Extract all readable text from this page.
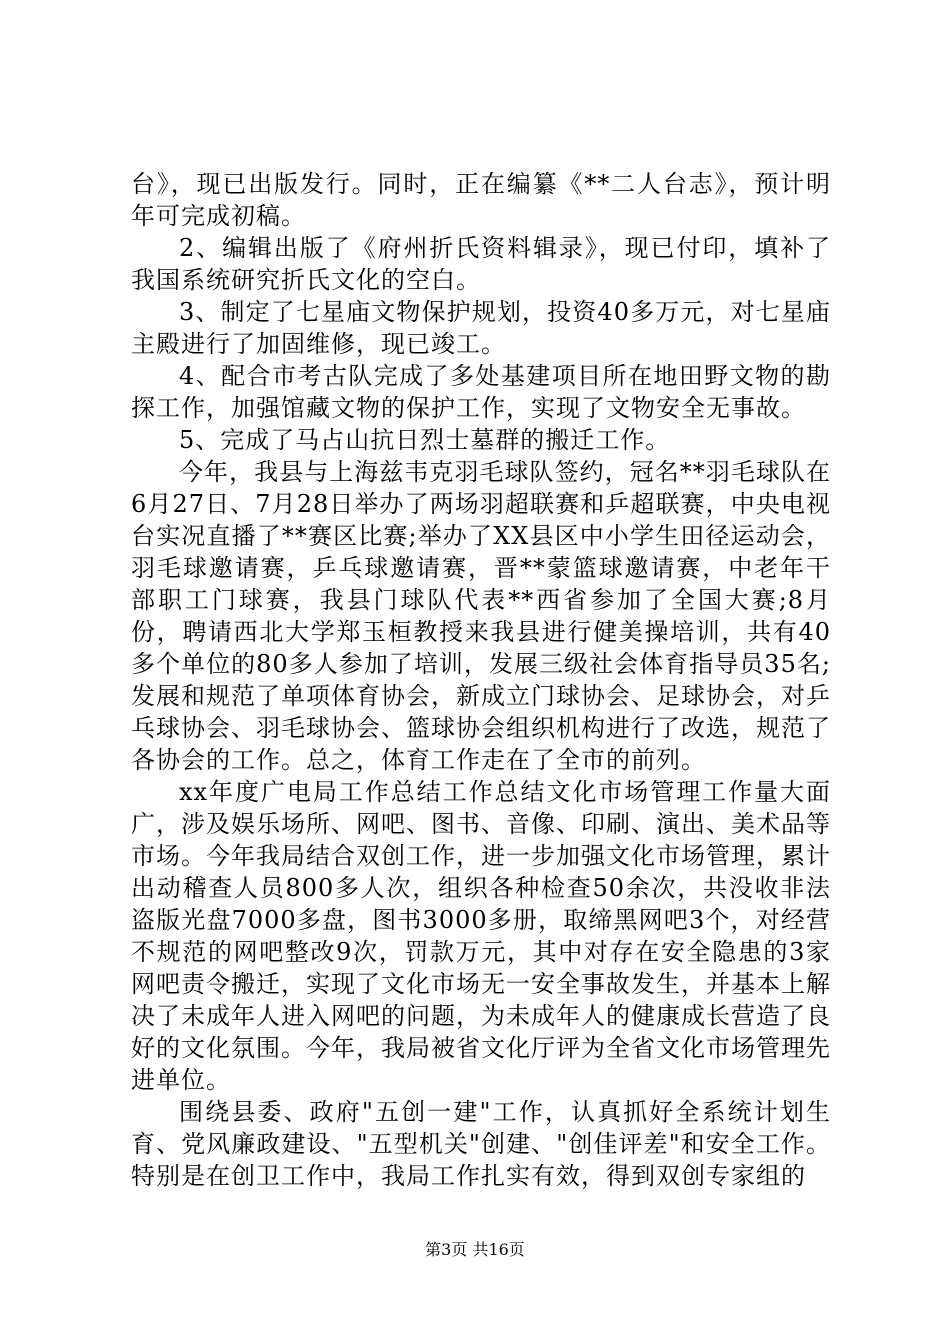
台》，现已出版发行。同时，正在编纂《**二人台志》，预计明年可完成初稿。

2、编辑出版了《府州折氏资料辑录》，现已付印，填补了我国系统研究折氏文化的空白。

3、制定了七星庙文物保护规划，投资40多万元，对七星庙主殿进行了加固维修，现已竣工。

4、配合市考古队完成了多处基建项目所在地田野文物的勘探工作，加强馆藏文物的保护工作，实现了文物安全无事故。

5、完成了马占山抗日烈士墓群的搬迁工作。

今年，我县与上海兹韦克羽毛球队签约，冠名**羽毛球队在6月27日、7月28日举办了两场羽超联赛和乒超联赛，中央电视台实况直播了**赛区比赛;举办了XX县区中小学生田径运动会，羽毛球邀请赛，乒乓球邀请赛，晋**蒙篮球邀请赛，中老年干部职工门球赛，我县门球队代表**西省参加了全国大赛;8月份，聘请西北大学郑玉桓教授来我县进行健美操培训，共有40多个单位的80多人参加了培训，发展三级社会体育指导员35名;发展和规范了单项体育协会，新成立门球协会、足球协会，对乒乓球协会、羽毛球协会、篮球协会组织机构进行了改选，规范了各协会的工作。总之，体育工作走在了全市的前列。

xx年度广电局工作总结工作总结文化市场管理工作量大面广，涉及娱乐场所、网吧、图书、音像、印刷、演出、美术品等市场。今年我局结合双创工作，进一步加强文化市场管理，累计出动稽查人员800多人次，组织各种检查50余次，共没收非法盗版光盘7000多盘，图书3000多册，取缔黑网吧3个，对经营不规范的网吧整改9次，罚款万元，其中对存在安全隐患的3家网吧责令搬迁，实现了文化市场无一安全事故发生，并基本上解决了未成年人进入网吧的问题，为未成年人的健康成长营造了良好的文化氛围。今年，我局被省文化厅评为全省文化市场管理先进单位。

围绕县委、政府"五创一建"工作，认真抓好全系统计划生育、党风廉政建设、"五型机关"创建、"创佳评差"和安全工作。特别是在创卫工作中，我局工作扎实有效，得到双创专家组的

第3页 共16页
